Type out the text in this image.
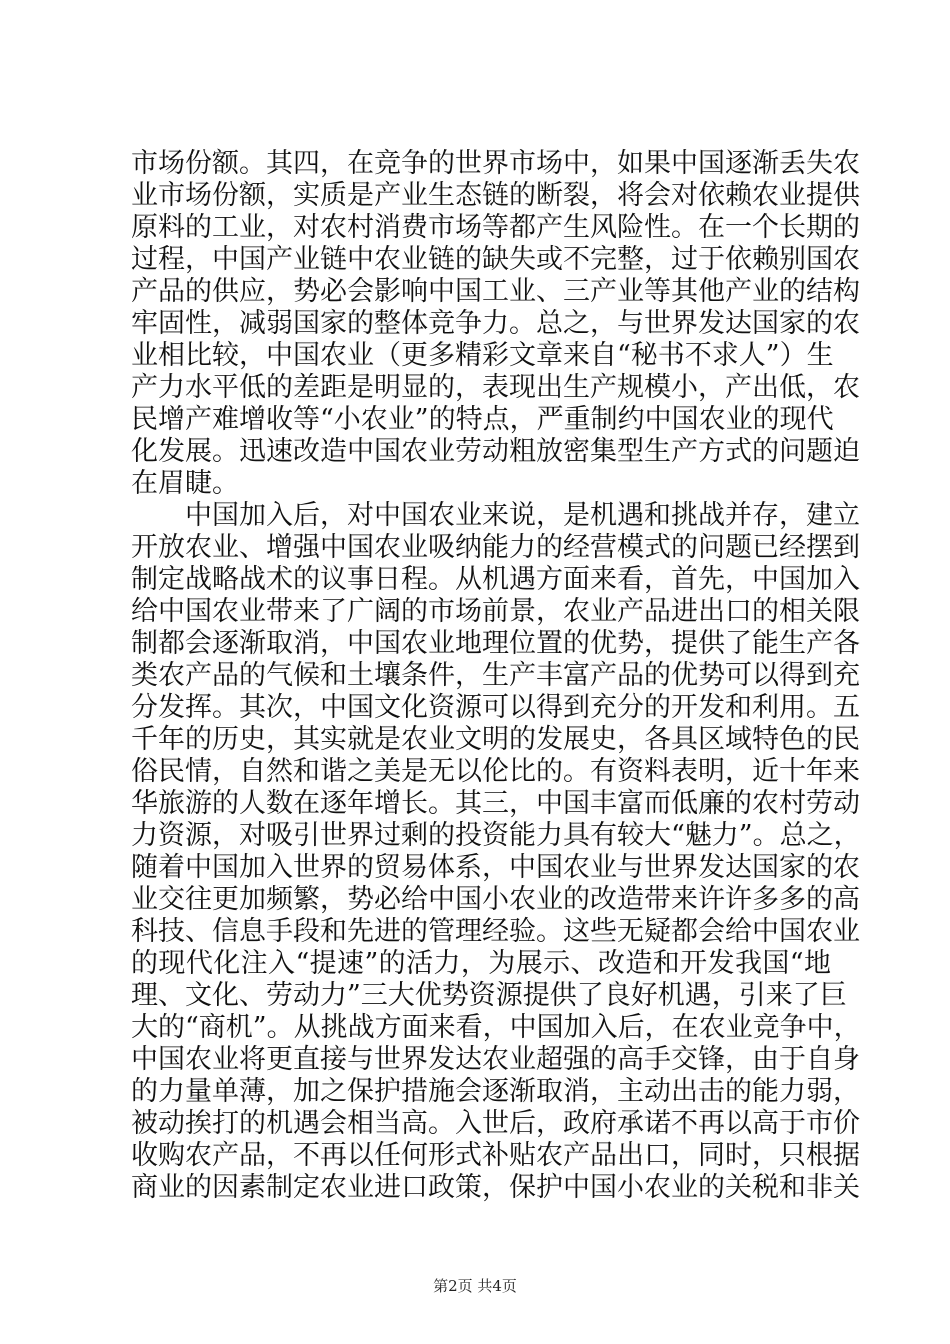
市场份额。其四，在竞争的世界市场中，如果中国逐渐丢失农
业市场份额，实质是产业生态链的断裂，将会对依赖农业提供
原料的工业，对农村消费市场等都产生风险性。在一个长期的
过程，中国产业链中农业链的缺失或不完整，过于依赖别国农
产品的供应，势必会影响中国工业、三产业等其他产业的结构
牢固性，减弱国家的整体竞争力。总之，与世界发达国家的农
业相比较，中国农业（更多精彩文章来自“秘书不求人”）生
产力水平低的差距是明显的，表现出生产规模小，产出低，农
民增产难增收等“小农业”的特点，严重制约中国农业的现代
化发展。迅速改造中国农业劳动粗放密集型生产方式的问题迫
在眉睫。
中国加入后，对中国农业来说，是机遇和挑战并存，建立
开放农业、增强中国农业吸纳能力的经营模式的问题已经摆到
制定战略战术的议事日程。从机遇方面来看，首先，中国加入
给中国农业带来了广阔的市场前景，农业产品进出口的相关限
制都会逐渐取消，中国农业地理位置的优势，提供了能生产各
类农产品的气候和土壤条件，生产丰富产品的优势可以得到充
分发挥。其次，中国文化资源可以得到充分的开发和利用。五
千年的历史，其实就是农业文明的发展史，各具区域特色的民
俗民情，自然和谐之美是无以伦比的。有资料表明，近十年来
华旅游的人数在逐年增长。其三，中国丰富而低廉的农村劳动
力资源，对吸引世界过剩的投资能力具有较大“魅力”。总之，
随着中国加入世界的贸易体系，中国农业与世界发达国家的农
业交往更加频繁，势必给中国小农业的改造带来许许多多的高
科技、信息手段和先进的管理经验。这些无疑都会给中国农业
的现代化注入“提速”的活力，为展示、改造和开发我国“地
理、文化、劳动力”三大优势资源提供了良好机遇，引来了巨
大的“商机”。从挑战方面来看，中国加入后，在农业竞争中，
中国农业将更直接与世界发达农业超强的高手交锋，由于自身
的力量单薄，加之保护措施会逐渐取消，主动出击的能力弱，
被动挨打的机遇会相当高。入世后，政府承诺不再以高于市价
收购农产品，不再以任何形式补贴农产品出口，同时，只根据
商业的因素制定农业进口政策，保护中国小农业的关税和非关
第2页 共4页
